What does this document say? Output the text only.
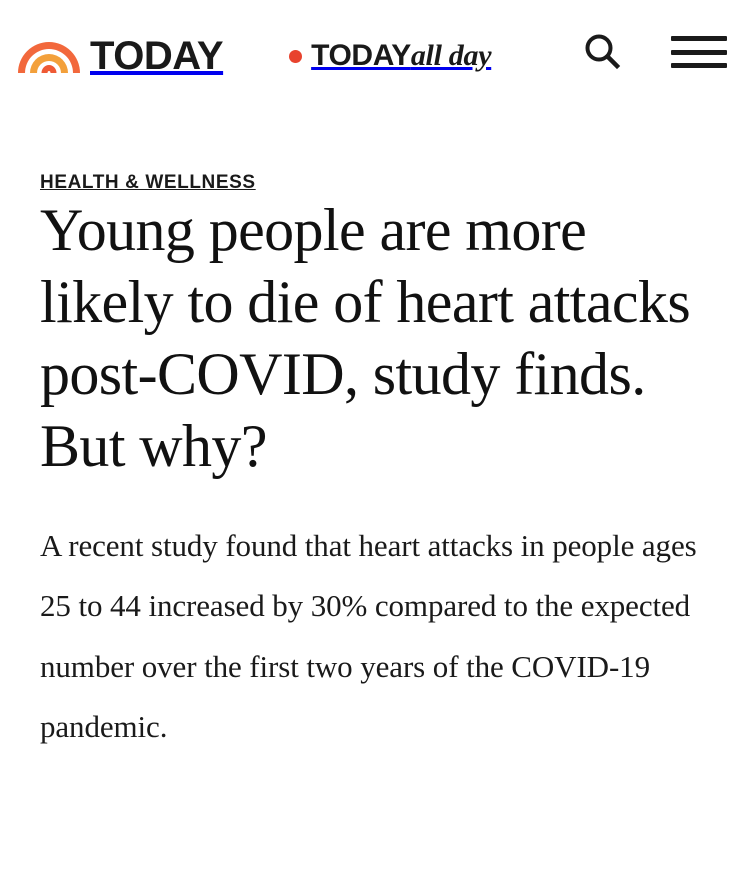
TODAY	TODAYall day
HEALTH & WELLNESS
Young people are more likely to die of heart attacks post-COVID, study finds. But why?

A recent study found that heart attacks in people ages 25 to 44 increased by 30% compared to the expected number over the first two years of the COVID-19 pandemic.
